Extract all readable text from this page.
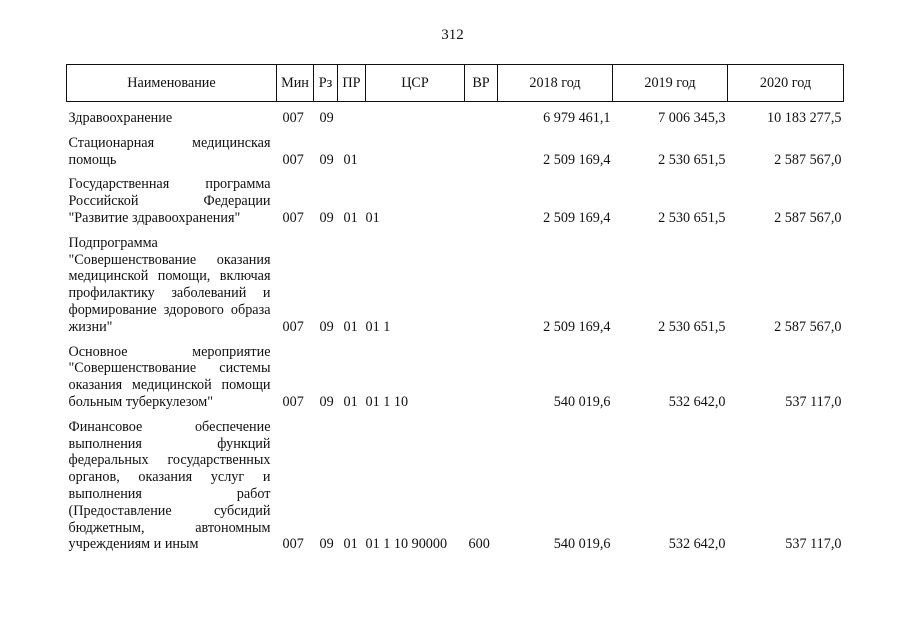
312
Наименование	Мин	Рз	ПР	ЦСР	ВР	2018 год	2019 год	2020 год
Здравоохранение	007	09				6 979 461,1	7 006 345,3	10 183 277,5
Стационарная медицинская помощь	007	09	01			2 509 169,4	2 530 651,5	2 587 567,0
Государственная программа Российской Федерации "Развитие здравоохранения"	007	09	01	01		2 509 169,4	2 530 651,5	2 587 567,0
Подпрограмма "Совершенствование оказания медицинской помощи, включая профилактику заболеваний и формирование здорового образа жизни"	007	09	01	01 1		2 509 169,4	2 530 651,5	2 587 567,0
Основное мероприятие "Совершенствование системы оказания медицинской помощи больным туберкулезом"	007	09	01	01 1 10		540 019,6	532 642,0	537 117,0
Финансовое обеспечение выполнения функций федеральных государственных органов, оказания услуг и выполнения работ (Предоставление субсидий бюджетным, автономным учреждениям и иным	007	09	01	01 1 10 90000	600	540 019,6	532 642,0	537 117,0
